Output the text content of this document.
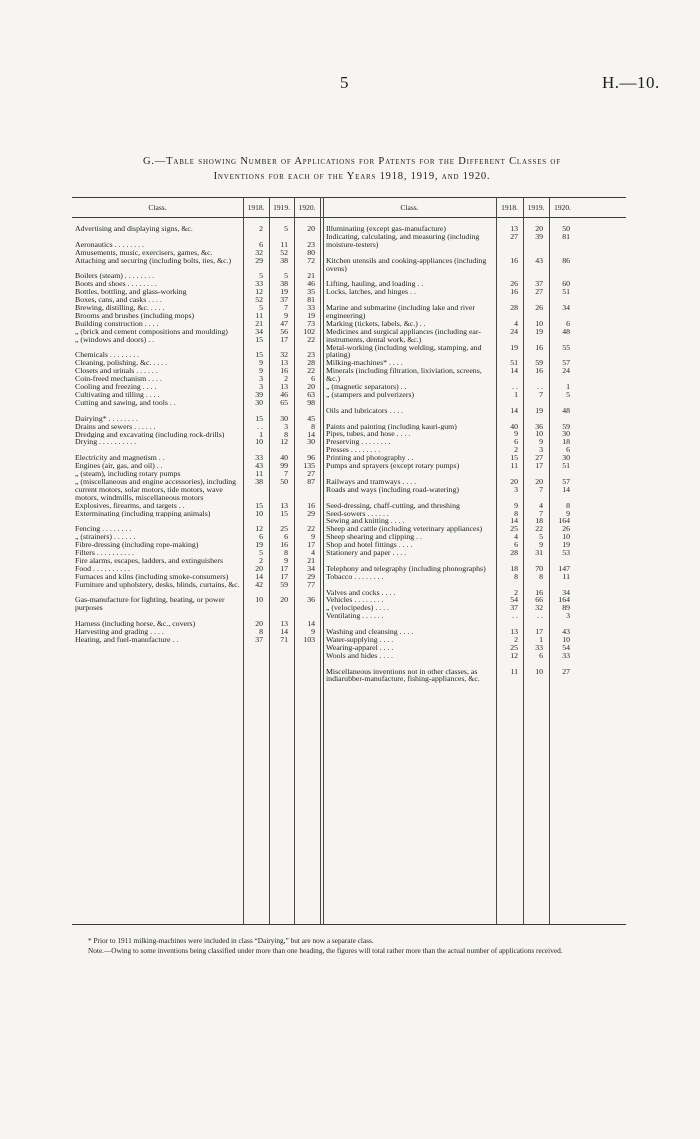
5	H.—10.
G.—Table showing Number of Applications for Patents for the Different Classes of
Inventions for each of the Years 1918, 1919, and 1920.
Class.	1918.	1919.	1920.	Class.	1918.	1919.	1920.
Advertising and displaying signs, &c.	2	5	20
Aeronautics . . . . . . . .	6	11	23
Amusements, music, exercisers, games, &c.	32	52	80
Attaching and securing (including bolts, ties, &c.)	29	38	72
Boilers (steam) . . . . . . . .	5	5	21
Boots and shoes . . . . . . . .	33	38	46
Bottles, bottling, and glass-working	12	19	35
Boxes, cans, and casks . . . .	52	37	81
Brewing, distilling, &c. . . . .	5	7	33
Brooms and brushes (including mops)	11	9	19
Building construction . . . .	21	47	73
„ (brick and cement compositions and moulding)	34	56	102
„ (windows and doors) . .	15	17	22
Chemicals . . . . . . . .	15	32	23
Cleaning, polishing, &c. . . . .	9	13	28
Closets and urinals . . . . . .	9	16	22
Coin-freed mechanism . . . .	3	2	6
Cooling and freezing . . . .	3	13	20
Cultivating and tilling . . . .	39	46	63
Cutting and sawing, and tools . .	30	65	98
Dairying* . . . . . . . .	15	30	45
Drains and sewers . . . . . .	. .	3	8
Dredging and excavating (including rock-drills)	1	8	14
Drying . . . . . . . . . .	10	12	30
Electricity and magnetism . .	33	40	96
Engines (air, gas, and oil) . .	43	99	135
„ (steam), including rotary pumps	11	7	27
„ (miscellaneous and engine accessories), including current motors, solar motors, tide motors, wave motors, windmills, miscellaneous motors
38	50	87
Explosives, firearms, and targets . .	15	13	16
Exterminating (including trapping animals)	10	15	29
Fencing . . . . . . . .	12	25	22
„ (strainers) . . . . . .	6	6	9
Fibre-dressing (including rope-making)	19	16	17
Filters . . . . . . . . . .	5	8	4
Fire alarms, escapes, ladders, and extinguishers	2	9	21
Food . . . . . . . . . .	20	17	34
Furnaces and kilns (including smoke-consumers)	14	17	29
Furniture and upholstery, desks, blinds, curtains, &c.	42	59	77
Gas-manufacture for lighting, heating, or power purposes
10	20	36
Harness (including horse, &c., covers)	20	13	14
Harvesting and grading . . . .	8	14	9
Heating, and fuel-manufacture . .	37	71	103
Illuminating (except gas-manufacture)	13	20	50
Indicating, calculating, and measuring (including moisture-testers)
27	39	81
Kitchen utensils and cooking-appliances (including ovens)
16	43	86
Lifting, hauling, and loading . .	26	37	60
Locks, latches, and hinges . .	16	27	51
Marine and submarine (including lake and river engineering)
28	26	34
Marking (tickets, labels, &c.) . .	4	10	6
Medicines and surgical appliances (including ear-instruments, dental work, &c.)
24	19	48
Metal-working (including welding, stamping, and plating)
19	16	55
Milking-machines* . . . .	51	59	57
Minerals (including filtration, lixiviation, screens, &c.)
14	16	24
„ (magnetic separators) . .	. .	. .	1
„ (stampers and pulverizers)	1	7	5
Oils and lubricators . . . .	14	19	48
Paints and painting (including kauri-gum)	40	36	59
Pipes, tubes, and hose . . . .	9	10	30
Preserving . . . . . . . .	6	9	18
Presses . . . . . . . .	2	3	6
Printing and photography . .	15	27	30
Pumps and sprayers (except rotary pumps)	11	17	51
Railways and tramways . . . .	20	20	57
Roads and ways (including road-watering)	3	7	14
Seed-dressing, chaff-cutting, and threshing	9	4	8
Seed-sowers . . . . . .	8	7	9
Sewing and knitting . . . .	14	18	164
Sheep and cattle (including veterinary appliances)	25	22	26
Sheep shearing and clipping . .	4	5	10
Shop and hotel fittings . . . .	6	9	19
Stationery and paper . . . .	28	31	53
Telephony and telegraphy (including phonographs)	18	70	147
Tobacco . . . . . . . .	8	8	11
Valves and cocks . . . .	2	16	34
Vehicles . . . . . . . .	54	66	164
„ (velocipedes) . . . .	37	32	89
Ventilating . . . . . .	. .	. .	3
Washing and cleansing . . . .	13	17	43
Water-supplying . . . .	2	1	10
Wearing-apparel . . . .	25	33	54
Wools and hides . . . .	12	6	33
Miscellaneous inventions not in other classes, as indiarubber-manufacture, fishing-appliances, &c.
11	10	27

* Prior to 1911 milking-machines were included in class “Dairying,” but are now a separate class.

Note.—Owing to some inventions being classified under more than one heading, the figures will total rather more than the actual number of applications received.
